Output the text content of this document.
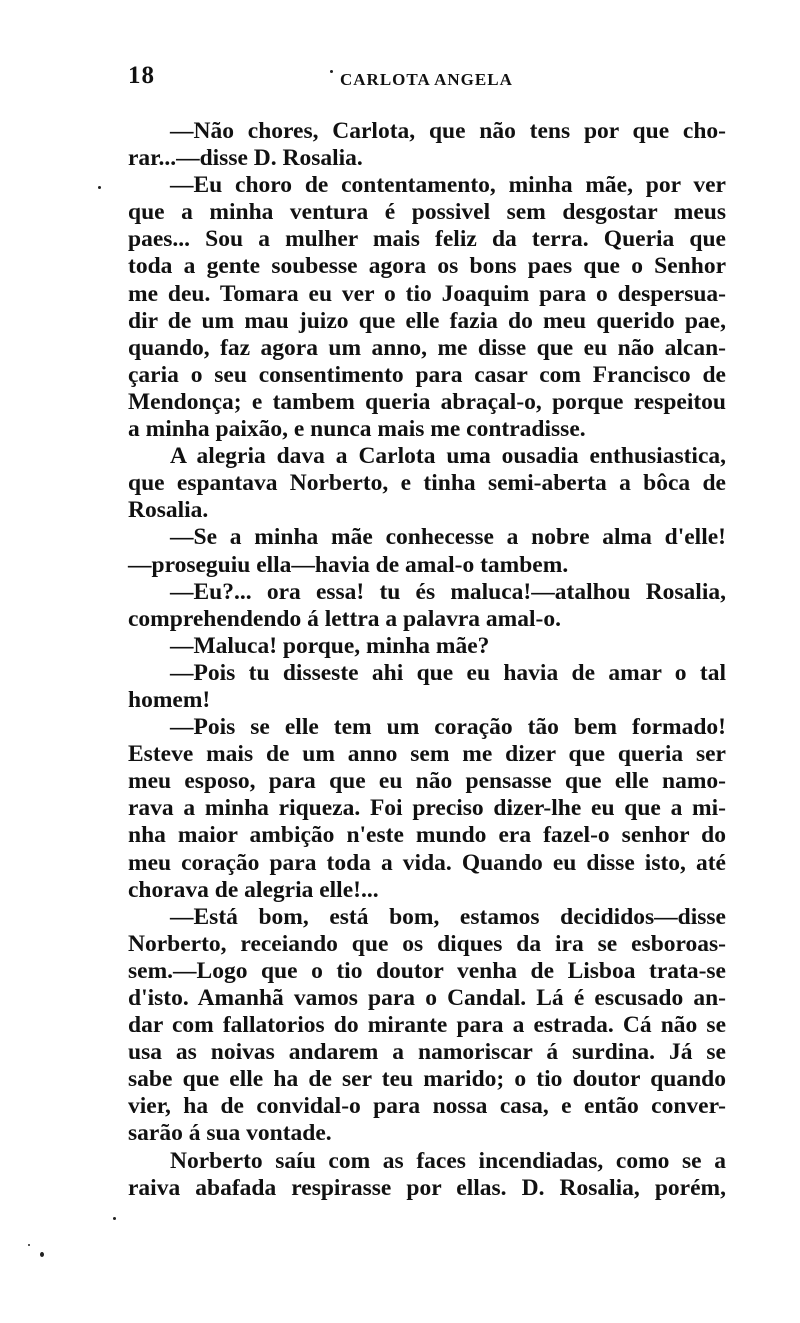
18	CARLOTA ANGELA
—Não chores, Carlota, que não tens por que cho-
rar...—disse D. Rosalia.
—Eu choro de contentamento, minha mãe, por ver
que a minha ventura é possivel sem desgostar meus
paes... Sou a mulher mais feliz da terra. Queria que
toda a gente soubesse agora os bons paes que o Senhor
me deu. Tomara eu ver o tio Joaquim para o despersua-
dir de um mau juizo que elle fazia do meu querido pae,
quando, faz agora um anno, me disse que eu não alcan-
çaria o seu consentimento para casar com Francisco de
Mendonça; e tambem queria abraçal-o, porque respeitou
a minha paixão, e nunca mais me contradisse.
A alegria dava a Carlota uma ousadia enthusiastica,
que espantava Norberto, e tinha semi-aberta a bôca de
Rosalia.
—Se a minha mãe conhecesse a nobre alma d'elle!
—proseguiu ella—havia de amal-o tambem.
—Eu?... ora essa! tu és maluca!—atalhou Rosalia,
comprehendendo á lettra a palavra amal-o.
—Maluca! porque, minha mãe?
—Pois tu disseste ahi que eu havia de amar o tal
homem!
—Pois se elle tem um coração tão bem formado!
Esteve mais de um anno sem me dizer que queria ser
meu esposo, para que eu não pensasse que elle namo-
rava a minha riqueza. Foi preciso dizer-lhe eu que a mi-
nha maior ambição n'este mundo era fazel-o senhor do
meu coração para toda a vida. Quando eu disse isto, até
chorava de alegria elle!...
—Está bom, está bom, estamos decididos—disse
Norberto, receiando que os diques da ira se esboroas-
sem.—Logo que o tio doutor venha de Lisboa trata-se
d'isto. Amanhã vamos para o Candal. Lá é escusado an-
dar com fallatorios do mirante para a estrada. Cá não se
usa as noivas andarem a namoriscar á surdina. Já se
sabe que elle ha de ser teu marido; o tio doutor quando
vier, ha de convidal-o para nossa casa, e então conver-
sarão á sua vontade.
Norberto saíu com as faces incendiadas, como se a
raiva abafada respirasse por ellas. D. Rosalia, porém,
